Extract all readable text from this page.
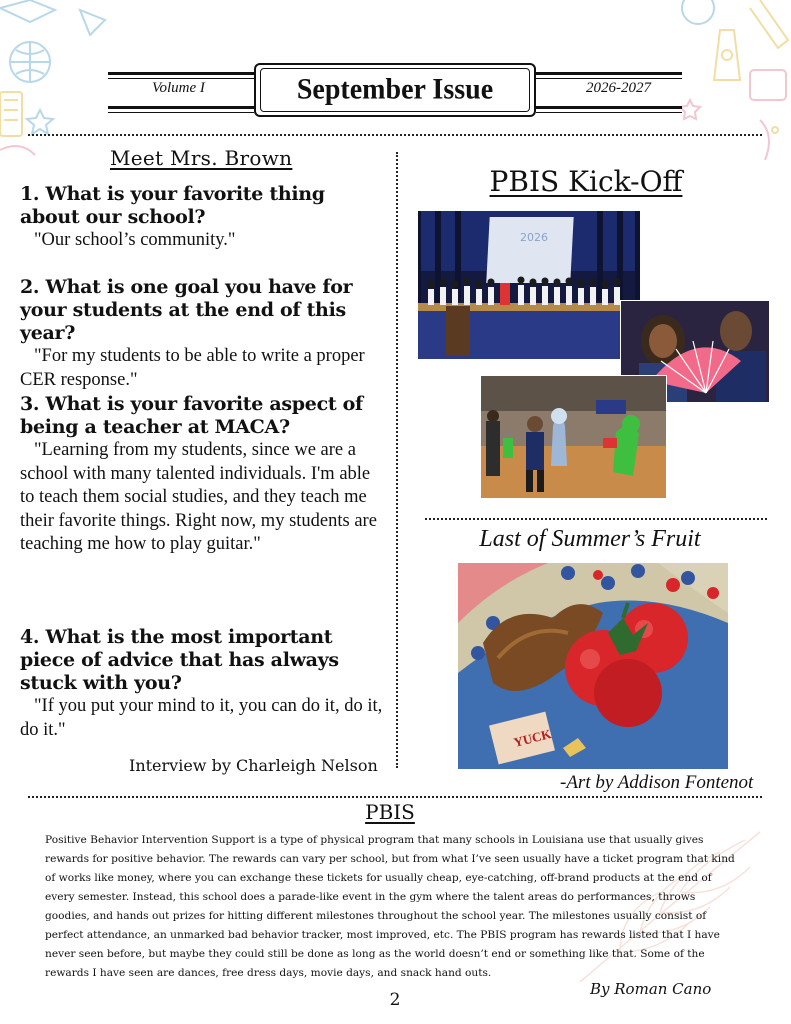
Volume I	September Issue	2026-2027
Meet Mrs. Brown
1. What is your favorite thing about our school?
"Our school’s community."
2. What is one goal you have for your students at the end of this year?
"For my students to be able to write a proper CER response."
3. What is your favorite aspect of being a teacher at MACA?
"Learning from my students, since we are a school with many talented individuals. I'm able to teach them social studies, and they teach me their favorite things. Right now, my students are teaching me how to play guitar."
4. What is the most important piece of advice that has always stuck with you?
"If you put your mind to it, you can do it, do it, do it."
Interview by Charleigh Nelson
PBIS Kick-Off
2026
Last of Summer’s Fruit
YUCK
-Art by Addison Fontenot
PBIS
Positive Behavior Intervention Support is a type of physical program that many schools in Louisiana use that usually gives rewards for positive behavior. The rewards can vary per school, but from what I’ve seen usually have a ticket program that kind of works like money, where you can exchange these tickets for usually cheap, eye-catching, off-brand products at the end of every semester. Instead, this school does a parade-like event in the gym where the talent areas do performances, throws goodies, and hands out prizes for hitting different milestones throughout the school year. The milestones usually consist of perfect attendance, an unmarked bad behavior tracker, most improved, etc. The PBIS program has rewards listed that I have never seen before, but maybe they could still be done as long as the world doesn’t end or something like that. Some of the rewards I have seen are dances, free dress days, movie days, and snack hand outs.
By Roman Cano
2
